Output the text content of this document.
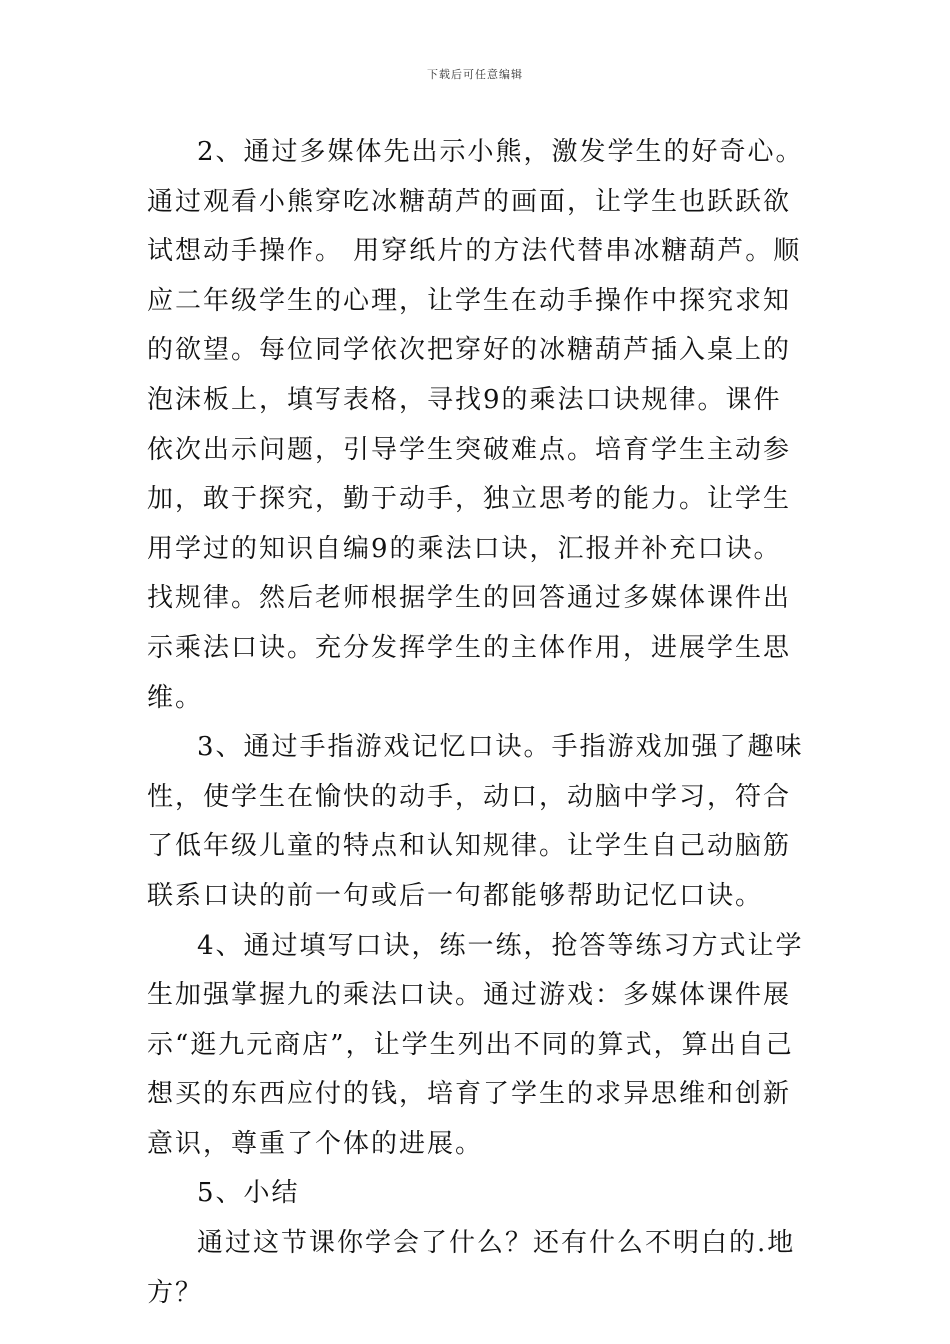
下载后可任意编辑

2、通过多媒体先出示小熊，激发学生的好奇心。通过观看小熊穿吃冰糖葫芦的画面，让学生也跃跃欲试想动手操作。 用穿纸片的方法代替串冰糖葫芦。顺应二年级学生的心理，让学生在动手操作中探究求知的欲望。每位同学依次把穿好的冰糖葫芦插入桌上的泡沫板上，填写表格，寻找9的乘法口诀规律。课件依次出示问题，引导学生突破难点。培育学生主动参加，敢于探究，勤于动手，独立思考的能力。让学生用学过的知识自编9的乘法口诀，汇报并补充口诀。找规律。然后老师根据学生的回答通过多媒体课件出示乘法口诀。充分发挥学生的主体作用，进展学生思维。

3、通过手指游戏记忆口诀。手指游戏加强了趣味性，使学生在愉快的动手，动口，动脑中学习，符合了低年级儿童的特点和认知规律。让学生自己动脑筋联系口诀的前一句或后一句都能够帮助记忆口诀。

4、通过填写口诀，练一练，抢答等练习方式让学生加强掌握九的乘法口诀。通过游戏：多媒体课件展示“逛九元商店”，让学生列出不同的算式，算出自己想买的东西应付的钱，培育了学生的求异思维和创新意识，尊重了个体的进展。

5、小结

通过这节课你学会了什么？还有什么不明白的.地方？
